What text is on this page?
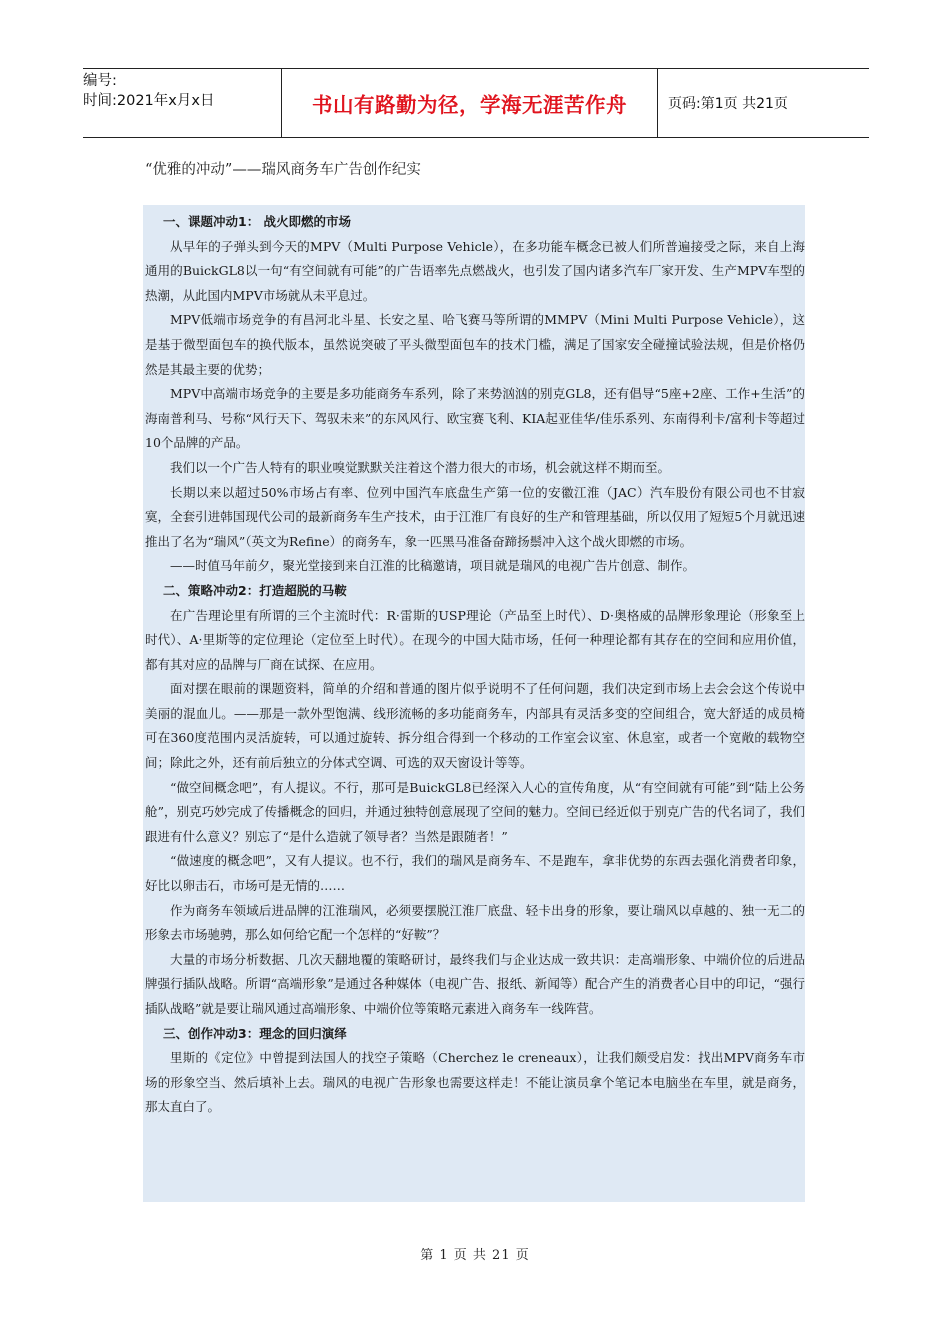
编号:
时间:2021年x月x日	书山有路勤为径，学海无涯苦作舟	页码:第1页 共21页
“优雅的冲动”——瑞风商务车广告创作纪实
一、课题冲动1： 战火即燃的市场

从早年的子弹头到今天的MPV（Multi Purpose Vehicle），在多功能车概念已被人们所普遍接受之际，来自上海通用的BuickGL8以一句“有空间就有可能”的广告语率先点燃战火，也引发了国内诸多汽车厂家开发、生产MPV车型的热潮，从此国内MPV市场就从未平息过。

MPV低端市场竞争的有昌河北斗星、长安之星、哈飞赛马等所谓的MMPV（Mini Multi Purpose Vehicle），这是基于微型面包车的换代版本，虽然说突破了平头微型面包车的技术门槛，满足了国家安全碰撞试验法规，但是价格仍然是其最主要的优势；

MPV中高端市场竞争的主要是多功能商务车系列，除了来势汹汹的别克GL8，还有倡导“5座+2座、工作+生活”的海南普利马、号称“风行天下、驾驭未来”的东风风行、欧宝赛飞利、KIA起亚佳华/佳乐系列、东南得利卡/富利卡等超过10个品牌的产品。

我们以一个广告人特有的职业嗅觉默默关注着这个潜力很大的市场，机会就这样不期而至。

长期以来以超过50%市场占有率、位列中国汽车底盘生产第一位的安徽江淮（JAC）汽车股份有限公司也不甘寂寞，全套引进韩国现代公司的最新商务车生产技术，由于江淮厂有良好的生产和管理基础，所以仅用了短短5个月就迅速推出了名为“瑞风”（英文为Refine）的商务车，象一匹黑马准备奋蹄扬鬃冲入这个战火即燃的市场。

——时值马年前夕，聚光堂接到来自江淮的比稿邀请，项目就是瑞风的电视广告片创意、制作。

二、策略冲动2：打造超脱的马鞍

在广告理论里有所谓的三个主流时代：R·雷斯的USP理论（产品至上时代）、D·奥格威的品牌形象理论（形象至上时代）、A·里斯等的定位理论（定位至上时代）。在现今的中国大陆市场，任何一种理论都有其存在的空间和应用价值，都有其对应的品牌与厂商在试探、在应用。

面对摆在眼前的课题资料，简单的介绍和普通的图片似乎说明不了任何问题，我们决定到市场上去会会这个传说中美丽的混血儿。——那是一款外型饱满、线形流畅的多功能商务车，内部具有灵活多变的空间组合，宽大舒适的成员椅可在360度范围内灵活旋转，可以通过旋转、拆分组合得到一个移动的工作室会议室、休息室，或者一个宽敞的载物空间；除此之外，还有前后独立的分体式空调、可选的双天窗设计等等。

“做空间概念吧”，有人提议。不行，那可是BuickGL8已经深入人心的宣传角度，从“有空间就有可能”到“陆上公务舱”，别克巧妙完成了传播概念的回归，并通过独特创意展现了空间的魅力。空间已经近似于别克广告的代名词了，我们跟进有什么意义？别忘了“是什么造就了领导者？当然是跟随者！”

“做速度的概念吧”，又有人提议。也不行，我们的瑞风是商务车、不是跑车，拿非优势的东西去强化消费者印象，好比以卵击石，市场可是无情的……

作为商务车领域后进品牌的江淮瑞风，必须要摆脱江淮厂底盘、轻卡出身的形象，要让瑞风以卓越的、独一无二的形象去市场驰骋，那么如何给它配一个怎样的“好鞍”？

大量的市场分析数据、几次天翻地覆的策略研讨，最终我们与企业达成一致共识：走高端形象、中端价位的后进品牌强行插队战略。所谓“高端形象”是通过各种媒体（电视广告、报纸、新闻等）配合产生的消费者心目中的印记，“强行插队战略”就是要让瑞风通过高端形象、中端价位等策略元素进入商务车一线阵营。

三、创作冲动3：理念的回归演绎

里斯的《定位》中曾提到法国人的找空子策略（Cherchez le creneaux），让我们颇受启发：找出MPV商务车市场的形象空当、然后填补上去。瑞风的电视广告形象也需要这样走！不能让演员拿个笔记本电脑坐在车里，就是商务，那太直白了。

第 1 页 共 21 页
